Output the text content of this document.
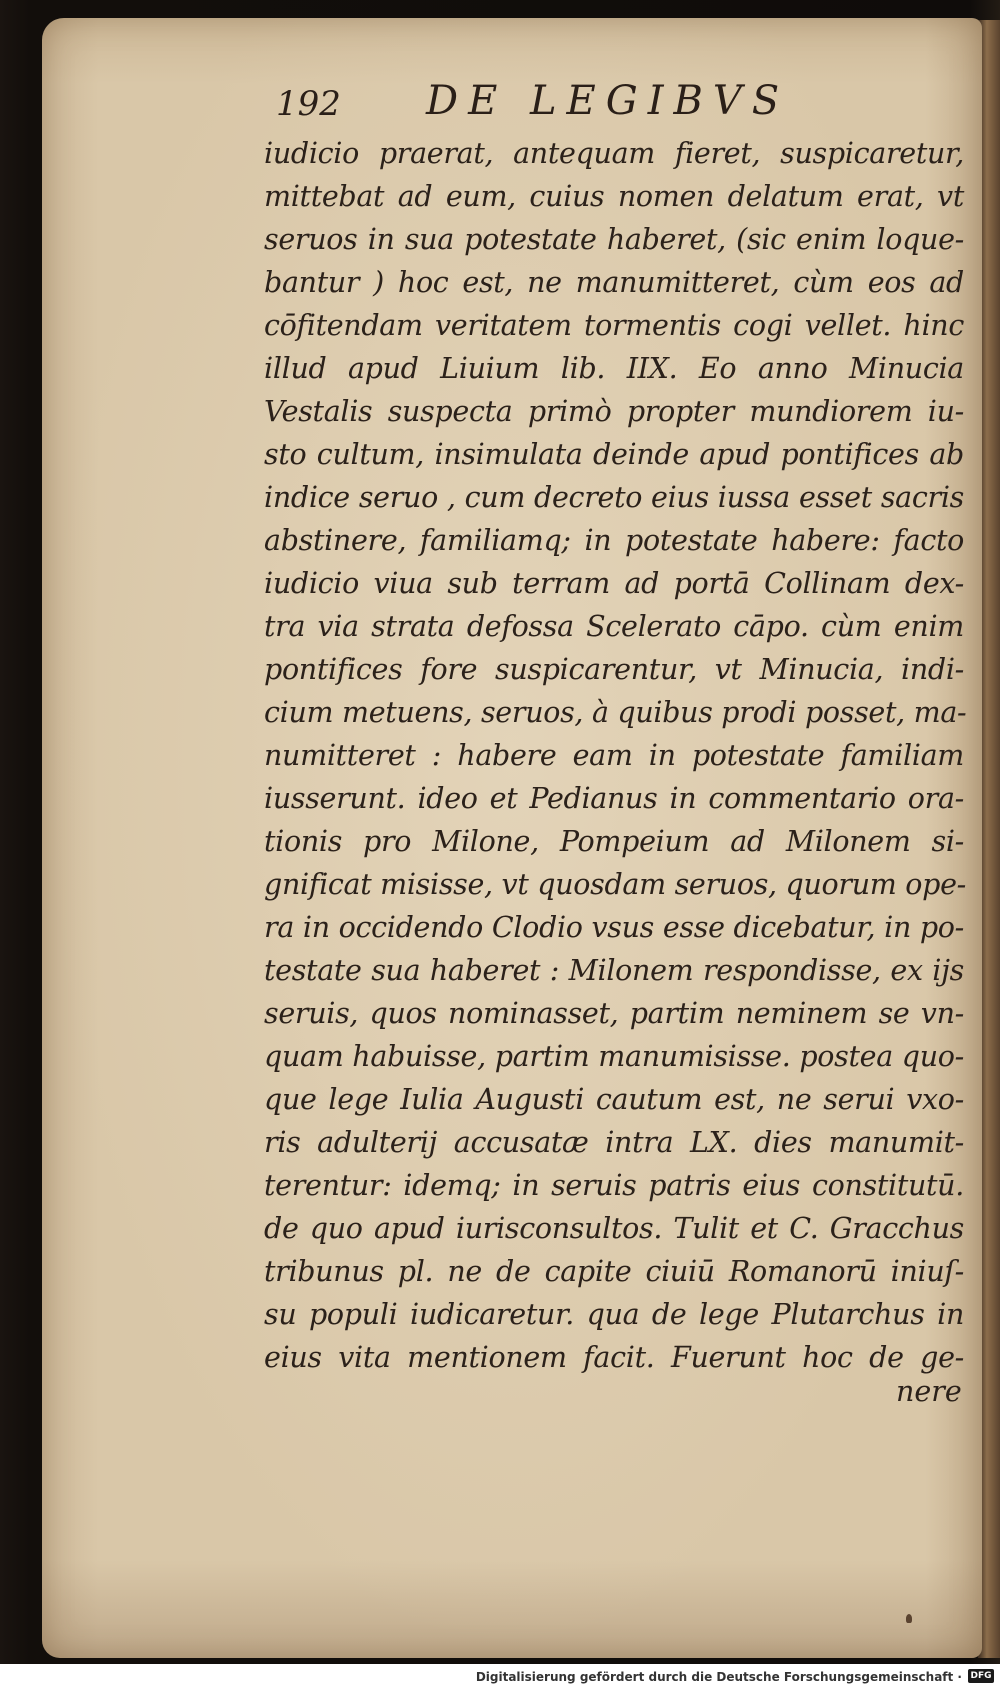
192 DE LEGIBVS
iudicio praerat, antequam fieret, suspicaretur,
mittebat ad eum, cuius nomen delatum erat, vt
seruos in sua potestate haberet, (sic enim loque-
bantur ) hoc est, ne manumitteret, cùm eos ad
cōfitendam veritatem tormentis cogi vellet. hinc
illud apud Liuium lib. IIX. Eo anno Minucia
Vestalis suspecta primò propter mundiorem iu-
sto cultum, insimulata deinde apud pontifices ab
indice seruo , cum decreto eius iussa esset sacris
abstinere, familiamq; in potestate habere: facto
iudicio viua sub terram ad portā Collinam dex-
tra via strata defossa Scelerato cāpo. cùm enim
pontifices fore suspicarentur, vt Minucia, indi-
cium metuens, seruos, à quibus prodi posset, ma-
numitteret : habere eam in potestate familiam
iusserunt. ideo et Pedianus in commentario ora-
tionis pro Milone, Pompeium ad Milonem si-
gnificat misisse, vt quosdam seruos, quorum ope-
ra in occidendo Clodio vsus esse dicebatur, in po-
testate sua haberet : Milonem respondisse, ex ijs
seruis, quos nominasset, partim neminem se vn-
quam habuisse, partim manumisisse. postea quo-
que lege Iulia Augusti cautum est, ne serui vxo-
ris adulterij accusatæ intra LX. dies manumit-
terentur: idemq; in seruis patris eius constitutū.
de quo apud iurisconsultos. Tulit et C. Gracchus
tribunus pl. ne de capite ciuiū Romanorū iniuſ-
su populi iudicaretur. qua de lege Plutarchus in
eius vita mentionem facit. Fuerunt hoc de ge-
nere
Digitalisierung gefördert durch die Deutsche Forschungsgemeinschaft · DFG
